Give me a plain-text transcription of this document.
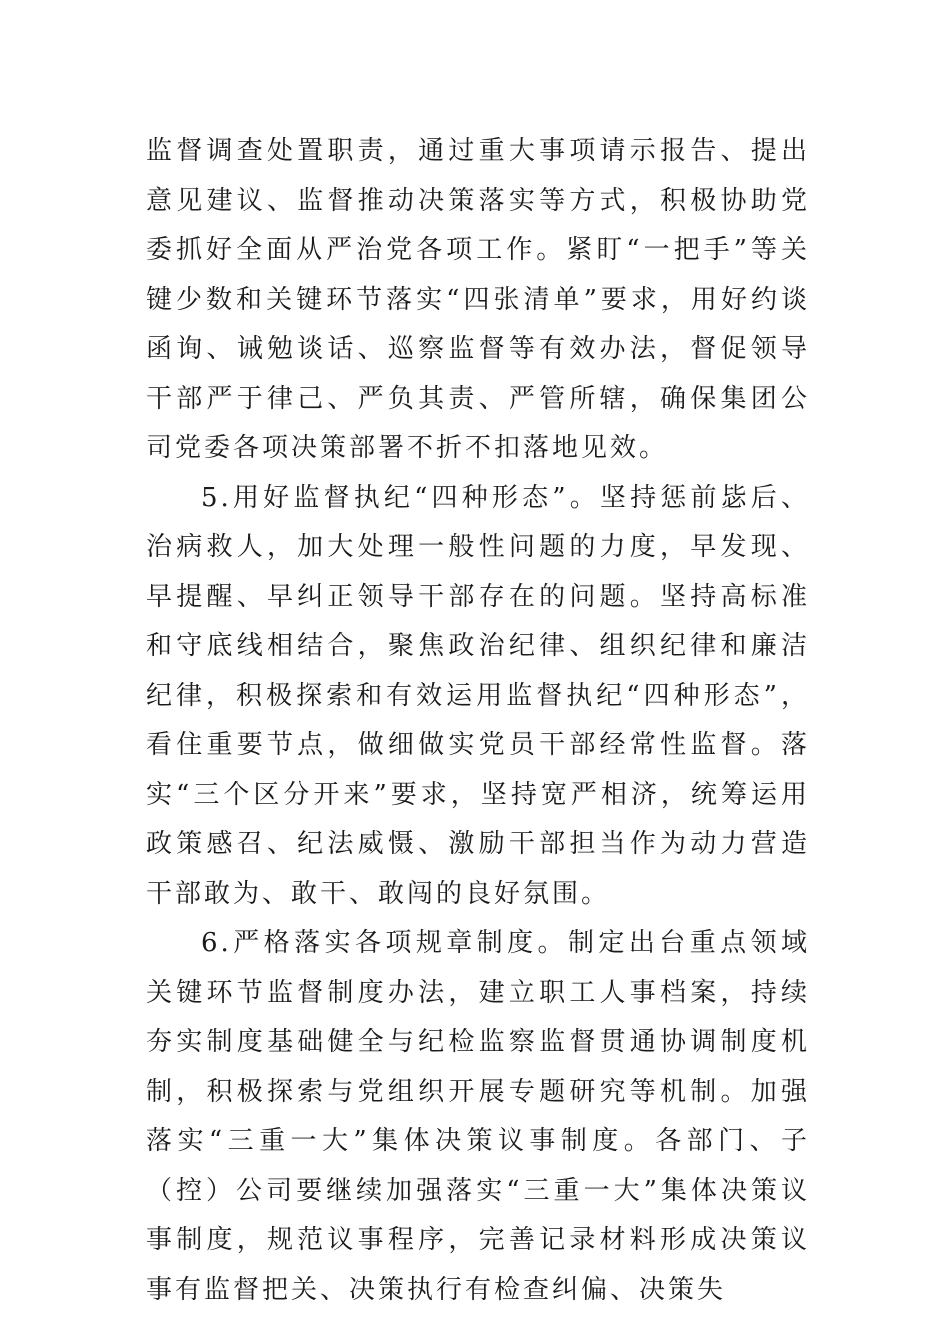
监督调查处置职责，通过重大事项请示报告、提出意见建议、监督推动决策落实等方式，积极协助党委抓好全面从严治党各项工作。紧盯“一把手”等关键少数和关键环节落实“四张清单”要求，用好约谈函询、诫勉谈话、巡察监督等有效办法，督促领导干部严于律己、严负其责、严管所辖，确保集团公司党委各项决策部署不折不扣落地见效。

5.用好监督执纪“四种形态”。坚持惩前毖后、治病救人，加大处理一般性问题的力度，早发现、早提醒、早纠正领导干部存在的问题。坚持高标准和守底线相结合，聚焦政治纪律、组织纪律和廉洁纪律，积极探索和有效运用监督执纪“四种形态”，看住重要节点，做细做实党员干部经常性监督。落实“三个区分开来”要求，坚持宽严相济，统筹运用政策感召、纪法威慑、激励干部担当作为动力营造干部敢为、敢干、敢闯的良好氛围。

6.严格落实各项规章制度。制定出台重点领域关键环节监督制度办法，建立职工人事档案，持续夯实制度基础健全与纪检监察监督贯通协调制度机制，积极探索与党组织开展专题研究等机制。加强落实“三重一大”集体决策议事制度。各部门、子（控）公司要继续加强落实“三重一大”集体决策议事制度，规范议事程序，完善记录材料形成决策议事有监督把关、决策执行有检查纠偏、决策失
